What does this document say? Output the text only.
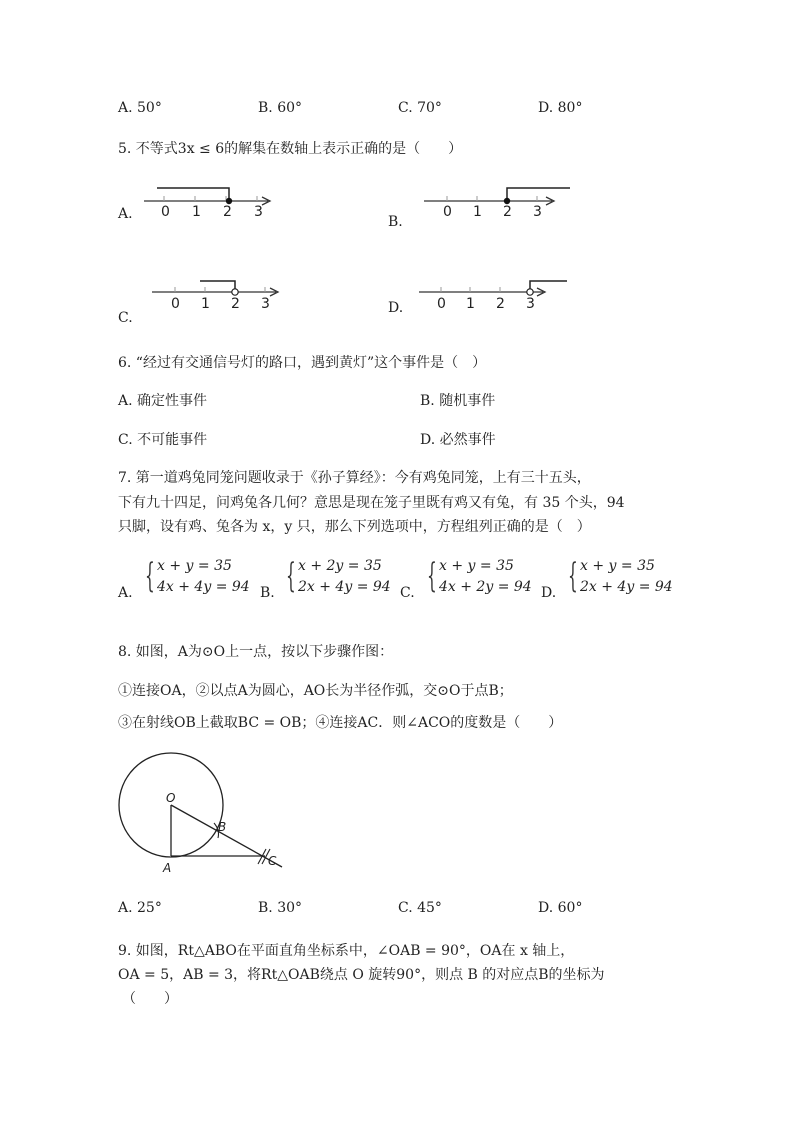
A. 50°	B. 60°	C. 70°	D. 80°
5. 不等式3x ≤ 6的解集在数轴上表示正确的是（　　）
A. 0 1 2 3
B.
0 1 2 3
C.
0 1 2 3	D. 0 1 2 3
6. “经过有交通信号灯的路口，遇到黄灯”这个事件是（　）
A. 确定性事件	B. 随机事件
C. 不可能事件	D. 必然事件
7. 第一道鸡兔同笼问题收录于《孙子算经》：今有鸡兔同笼，上有三十五头，
下有九十四足，问鸡兔各几何？意思是现在笼子里既有鸡又有兔，有 35 个头，94
只脚，设有鸡、兔各为 x，y 只，那么下列选项中，方程组列正确的是（　）
A. { x + y = 35
4x + 4y = 94 B. { x + 2y = 35
2x + 4y = 94 C. { x + y = 35
4x + 2y = 94 D. { x + y = 35
2x + 4y = 94
8. 如图，A为⊙O上一点，按以下步骤作图：
①连接OA，②以点A为圆心，AO长为半径作弧，交⊙O于点B；
③在射线OB上截取BC = OB；④连接AC．则∠ACO的度数是（　　）
O
A
B
C
A. 25°	B. 30°	C. 45°	D. 60°
9. 如图，Rt△ABO在平面直角坐标系中，∠OAB = 90°，OA在 x 轴上，
OA = 5，AB = 3，将Rt△OAB绕点 O 旋转90°，则点 B 的对应点B的坐标为
（　　）
